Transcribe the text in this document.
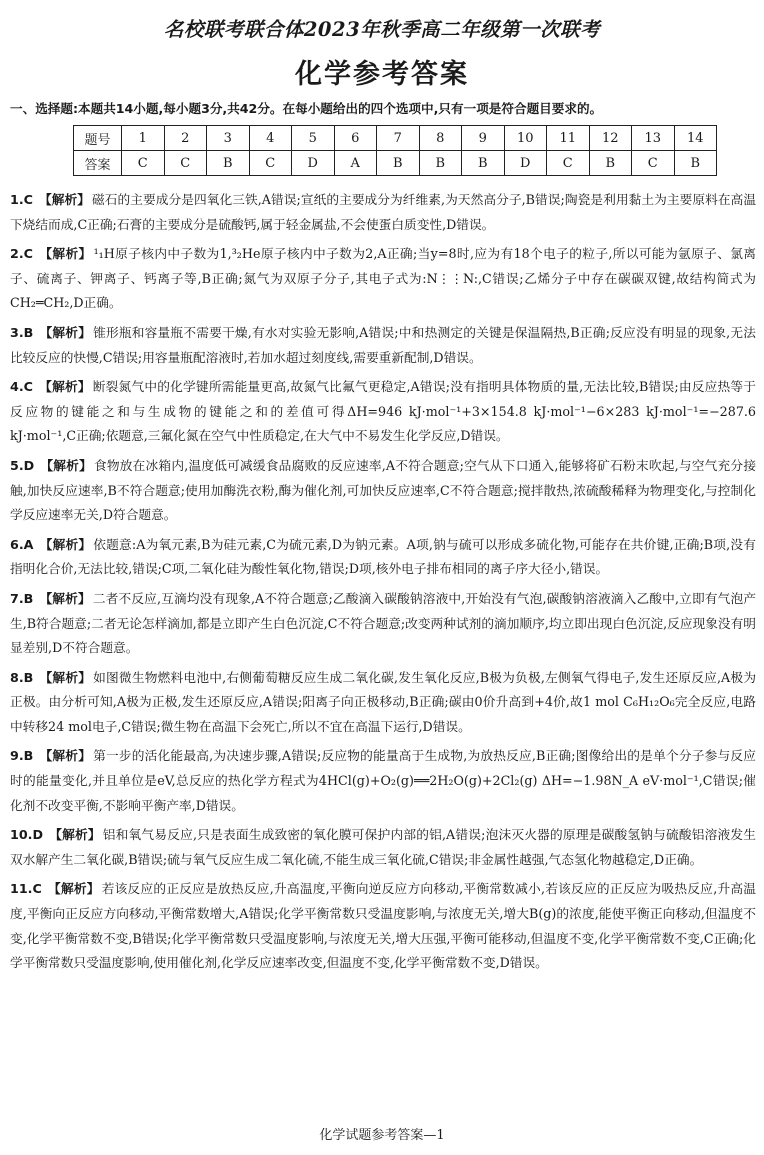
名校联考联合体2023年秋季高二年级第一次联考
化学参考答案
一、选择题:本题共14小题,每小题3分,共42分。在每小题给出的四个选项中,只有一项是符合题目要求的。
题号	1	2	3	4	5	6	7	8	9	10	11	12	13	14
答案	C	C	B	C	D	A	B	B	B	D	C	B	C	B
1.C 【解析】 磁石的主要成分是四氧化三铁,A错误;宣纸的主要成分为纤维素,为天然高分子,B错误;陶瓷是利用黏土为主要原料在高温下烧结而成,C正确;石膏的主要成分是硫酸钙,属于轻金属盐,不会使蛋白质变性,D错误。
2.C 【解析】 ¹₁H原子核内中子数为1,³₂He原子核内中子数为2,A正确;当y=8时,应为有18个电子的粒子,所以可能为氩原子、氯离子、硫离子、钾离子、钙离子等,B正确;氮气为双原子分子,其电子式为:N⋮⋮N:,C错误;乙烯分子中存在碳碳双键,故结构简式为CH₂═CH₂,D正确。
3.B 【解析】 锥形瓶和容量瓶不需要干燥,有水对实验无影响,A错误;中和热测定的关键是保温隔热,B正确;反应没有明显的现象,无法比较反应的快慢,C错误;用容量瓶配溶液时,若加水超过刻度线,需要重新配制,D错误。
4.C 【解析】 断裂氮气中的化学键所需能量更高,故氮气比氟气更稳定,A错误;没有指明具体物质的量,无法比较,B错误;由反应热等于反应物的键能之和与生成物的键能之和的差值可得ΔH=946 kJ·mol⁻¹+3×154.8 kJ·mol⁻¹−6×283 kJ·mol⁻¹=−287.6 kJ·mol⁻¹,C正确;依题意,三氟化氮在空气中性质稳定,在大气中不易发生化学反应,D错误。
5.D 【解析】 食物放在冰箱内,温度低可减缓食品腐败的反应速率,A不符合题意;空气从下口通入,能够将矿石粉末吹起,与空气充分接触,加快反应速率,B不符合题意;使用加酶洗衣粉,酶为催化剂,可加快反应速率,C不符合题意;搅拌散热,浓硫酸稀释为物理变化,与控制化学反应速率无关,D符合题意。
6.A 【解析】 依题意:A为氧元素,B为硅元素,C为硫元素,D为钠元素。A项,钠与硫可以形成多硫化物,可能存在共价键,正确;B项,没有指明化合价,无法比较,错误;C项,二氧化硅为酸性氧化物,错误;D项,核外电子排布相同的离子序大径小,错误。
7.B 【解析】 二者不反应,互滴均没有现象,A不符合题意;乙酸滴入碳酸钠溶液中,开始没有气泡,碳酸钠溶液滴入乙酸中,立即有气泡产生,B符合题意;二者无论怎样滴加,都是立即产生白色沉淀,C不符合题意;改变两种试剂的滴加顺序,均立即出现白色沉淀,反应现象没有明显差别,D不符合题意。
8.B 【解析】 如图微生物燃料电池中,右侧葡萄糖反应生成二氧化碳,发生氧化反应,B极为负极,左侧氧气得电子,发生还原反应,A极为正极。由分析可知,A极为正极,发生还原反应,A错误;阳离子向正极移动,B正确;碳由0价升高到+4价,故1 mol C₆H₁₂O₆完全反应,电路中转移24 mol电子,C错误;微生物在高温下会死亡,所以不宜在高温下运行,D错误。
9.B 【解析】 第一步的活化能最高,为决速步骤,A错误;反应物的能量高于生成物,为放热反应,B正确;图像给出的是单个分子参与反应时的能量变化,并且单位是eV,总反应的热化学方程式为4HCl(g)+O₂(g)══2H₂O(g)+2Cl₂(g) ΔH=−1.98N_A eV·mol⁻¹,C错误;催化剂不改变平衡,不影响平衡产率,D错误。
10.D 【解析】 铝和氧气易反应,只是表面生成致密的氧化膜可保护内部的铝,A错误;泡沫灭火器的原理是碳酸氢钠与硫酸铝溶液发生双水解产生二氧化碳,B错误;硫与氧气反应生成二氧化硫,不能生成三氧化硫,C错误;非金属性越强,气态氢化物越稳定,D正确。
11.C 【解析】 若该反应的正反应是放热反应,升高温度,平衡向逆反应方向移动,平衡常数减小,若该反应的正反应为吸热反应,升高温度,平衡向正反应方向移动,平衡常数增大,A错误;化学平衡常数只受温度影响,与浓度无关,增大B(g)的浓度,能使平衡正向移动,但温度不变,化学平衡常数不变,B错误;化学平衡常数只受温度影响,与浓度无关,增大压强,平衡可能移动,但温度不变,化学平衡常数不变,C正确;化学平衡常数只受温度影响,使用催化剂,化学反应速率改变,但温度不变,化学平衡常数不变,D错误。
化学试题参考答案—1
